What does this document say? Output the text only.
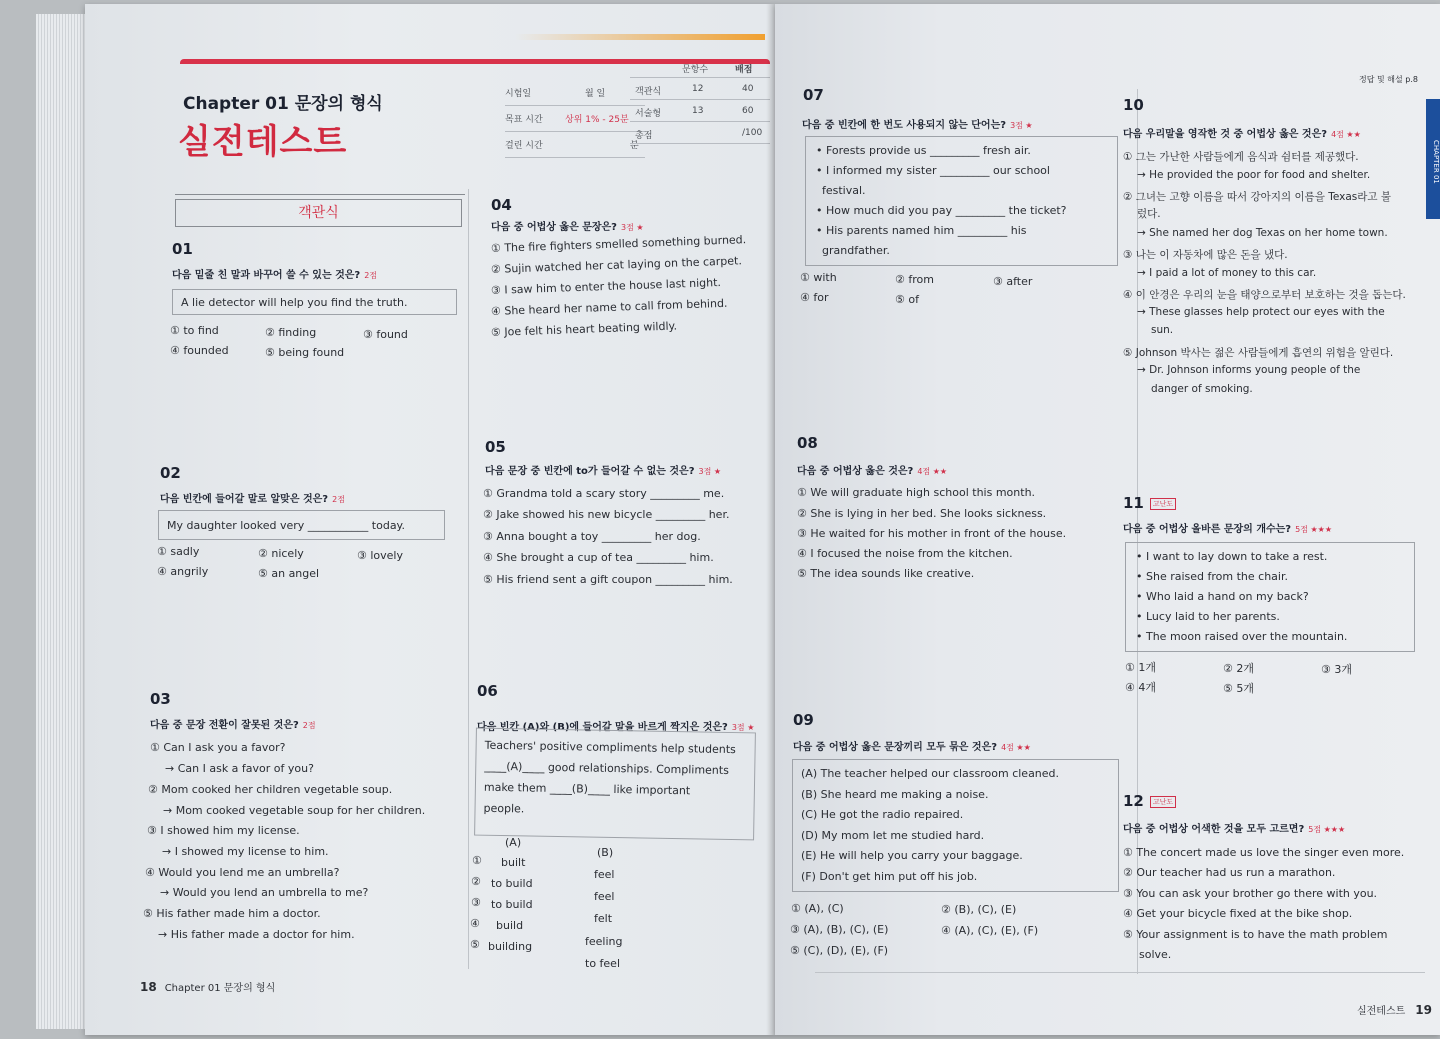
Chapter 01 문장의 형식
실전테스트
시험일	월 일
목표 시간 상위 1% - 25분
걸린 시간	분
문항수	배점
객관식	12	40
서술형	13	60
총점	/100
객관식
01
다음 밑줄 친 말과 바꾸어 쓸 수 있는 것은? 2점
A lie detector will help you find the truth.
① to find	② finding	③ found
④ founded	⑤ being found
02
다음 빈칸에 들어갈 말로 알맞은 것은? 2점
My daughter looked very ___________ today.
① sadly	② nicely	③ lovely
④ angrily	⑤ an angel
03
다음 중 문장 전환이 잘못된 것은? 2점
① Can I ask you a favor?
→ Can I ask a favor of you?
② Mom cooked her children vegetable soup.
→ Mom cooked vegetable soup for her children.
③ I showed him my license.
→ I showed my license to him.
④ Would you lend me an umbrella?
→ Would you lend an umbrella to me?
⑤ His father made him a doctor.
→ His father made a doctor for him.
04
다음 중 어법상 옳은 문장은? 3점 ★
① The fire fighters smelled something burned.
② Sujin watched her cat laying on the carpet.
③ I saw him to enter the house last night.
④ She heard her name to call from behind.
⑤ Joe felt his heart beating wildly.
05
다음 문장 중 빈칸에 to가 들어갈 수 없는 것은? 3점 ★
① Grandma told a scary story _________ me.
② Jake showed his new bicycle _________ her.
③ Anna bought a toy _________ her dog.
④ She brought a cup of tea _________ him.
⑤ His friend sent a gift coupon _________ him.
06
다음 빈칸 (A)와 (B)에 들어갈 말을 바르게 짝지은 것은? 3점 ★
Teachers' positive compliments help students
____(A)____ good relationships. Compliments
make them ____(B)____ like important
people.
(A)
(B)
① built
feel
② to build
feel
③ to build
felt
④ build
feeling
⑤ building
to feel
18 Chapter 01 문장의 형식
정답 및 해설 p.8
CHAPTER 01
07
다음 중 빈칸에 한 번도 사용되지 않는 단어는? 3점 ★
• Forests provide us _________ fresh air.
• I informed my sister _________ our school
festival.
• How much did you pay _________ the ticket?
• His parents named him _________ his
grandfather.
① with	② from	③ after
④ for	⑤ of
08
다음 중 어법상 옳은 것은? 4점 ★★
① We will graduate high school this month.
② She is lying in her bed. She looks sickness.
③ He waited for his mother in front of the house.
④ I focused the noise from the kitchen.
⑤ The idea sounds like creative.
09
다음 중 어법상 옳은 문장끼리 모두 묶은 것은? 4점 ★★
(A) The teacher helped our classroom cleaned.
(B) She heard me making a noise.
(C) He got the radio repaired.
(D) My mom let me studied hard.
(E) He will help you carry your baggage.
(F) Don't get him put off his job.
① (A), (C)	② (B), (C), (E)
③ (A), (B), (C), (E)	④ (A), (C), (E), (F)
⑤ (C), (D), (E), (F)
10
다음 우리말을 영작한 것 중 어법상 옳은 것은? 4점 ★★
① 그는 가난한 사람들에게 음식과 쉼터를 제공했다.
→ He provided the poor for food and shelter.
② 그녀는 고향 이름을 따서 강아지의 이름을 Texas라고 불
렀다.
→ She named her dog Texas on her home town.
③ 나는 이 자동차에 많은 돈을 냈다.
→ I paid a lot of money to this car.
④ 이 안경은 우리의 눈을 태양으로부터 보호하는 것을 돕는다.
→ These glasses help protect our eyes with the
sun.
⑤ Johnson 박사는 젊은 사람들에게 흡연의 위험을 알린다.
→ Dr. Johnson informs young people of the
danger of smoking.
11 고난도
다음 중 어법상 올바른 문장의 개수는? 5점 ★★★
• I want to lay down to take a rest.
• She raised from the chair.
• Who laid a hand on my back?
• Lucy laid to her parents.
• The moon raised over the mountain.
① 1개	② 2개	③ 3개
④ 4개	⑤ 5개
12 고난도
다음 중 어법상 어색한 것을 모두 고르면? 5점 ★★★
① The concert made us love the singer even more.
② Our teacher had us run a marathon.
③ You can ask your brother go there with you.
④ Get your bicycle fixed at the bike shop.
⑤ Your assignment is to have the math problem
solve.
실전테스트 19
